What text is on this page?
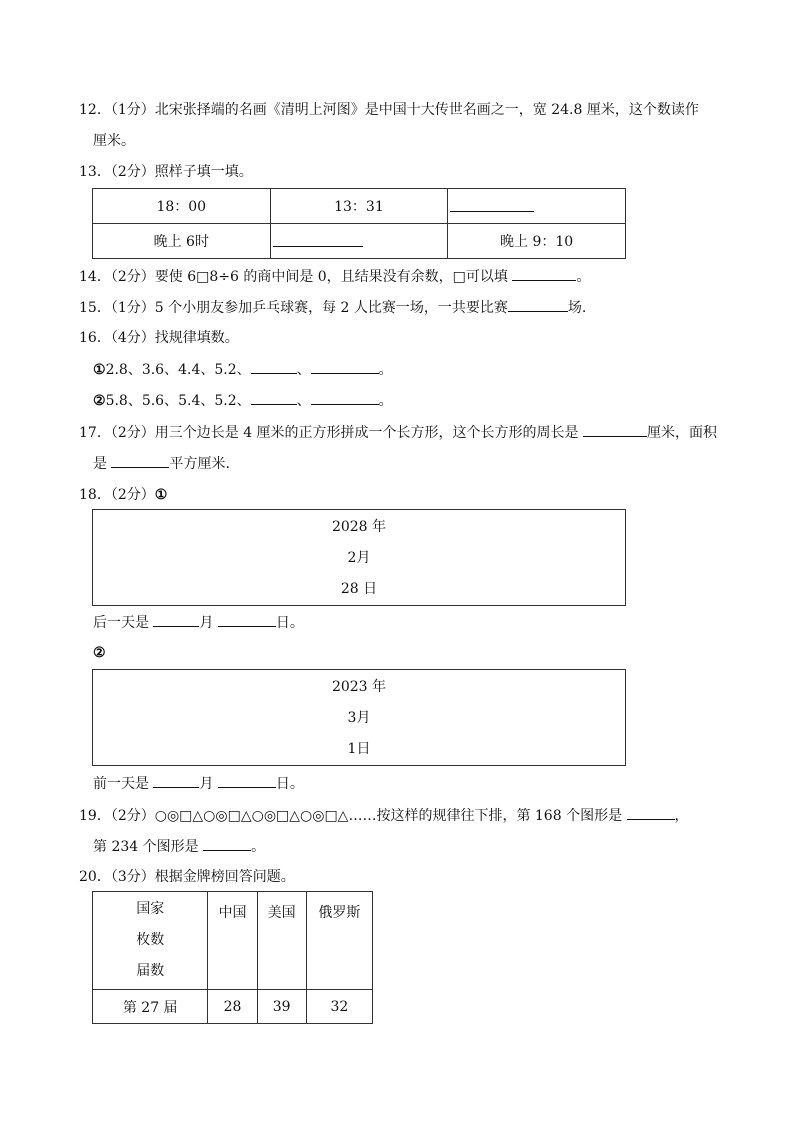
12．（1分）北宋张择端的名画《清明上河图》是中国十大传世名画之一，宽 24.8 厘米，这个数读作
厘米。
13．（2分）照样子填一填。
18：00	13：31	
晚上 6时		晚上 9：10
14．（2分）要使 6□8÷6 的商中间是 0，且结果没有余数，□可以填	。
15．（1分）5 个小朋友参加乒乓球赛，每 2 人比赛一场，一共要比赛	场.
16．（4分）找规律填数。
①2.8、3.6、4.4、5.2、	、	。
②5.8、5.6、5.4、5.2、	、	。
17．（2分）用三个边长是 4 厘米的正方形拼成一个长方形，这个长方形的周长是	厘米，面积
是	平方厘米.
18．（2分）①
2028 年
2月
28 日
后一天是	月	日。
②
2023 年
3月
1日
前一天是	月	日。
19．（2分）○◎□△○◎□△○◎□△○◎□△……按这样的规律往下排，第 168 个图形是	，
第 234 个图形是	。
20．（3分）根据金牌榜回答问题。
国家
枚数
届数	中国	美国	俄罗斯
第 27 届	28	39	32
